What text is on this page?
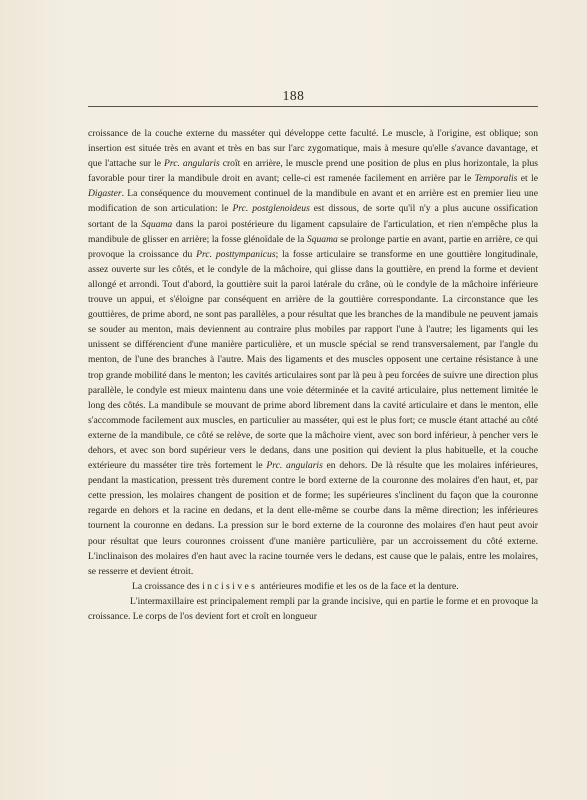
188

croissance de la couche externe du masséter qui développe cette faculté. Le muscle, à l'origine, est oblique; son insertion est située très en avant et très en bas sur l'arc zygomatique, mais à mesure qu'elle s'avance davantage, et que l'attache sur le Prc. angularis croît en arrière, le muscle prend une position de plus en plus horizontale, la plus favorable pour tirer la mandibule droit en avant; celle-ci est ramenée facilement en arrière par le Temporalis et le Digaster. La conséquence du mouvement continuel de la mandibule en avant et en arrière est en premier lieu une modification de son articulation: le Prc. postglenoideus est dissous, de sorte qu'il n'y a plus aucune ossification sortant de la Squama dans la paroi postérieure du ligament capsulaire de l'articulation, et rien n'empêche plus la mandibule de glisser en arrière; la fosse glénoïdale de la Squama se prolonge partie en avant, partie en arrière, ce qui provoque la croissance du Prc. posttympanicus; la fosse articulaire se transforme en une gouttière longitudinale, assez ouverte sur les côtés, et le condyle de la mâchoire, qui glisse dans la gouttière, en prend la forme et devient allongé et arrondi. Tout d'abord, la gouttière suit la paroi latérale du crâne, où le condyle de la mâchoire inférieure trouve un appui, et s'éloigne par conséquent en arrière de la gouttière correspondante. La circonstance que les gouttières, de prime abord, ne sont pas parallèles, a pour résultat que les branches de la mandibule ne peuvent jamais se souder au menton, mais deviennent au contraire plus mobiles par rapport l'une à l'autre; les ligaments qui les unissent se différencient d'une manière particulière, et un muscle spécial se rend transversalement, par l'angle du menton, de l'une des branches à l'autre. Mais des ligaments et des muscles opposent une certaine résistance à une trop grande mobilité dans le menton; les cavités articulaires sont par là peu à peu forcées de suivre une direction plus parallèle, le condyle est mieux maintenu dans une voie déterminée et la cavité articulaire, plus nettement limitée le long des côtés. La mandibule se mouvant de prime abord librement dans la cavité articulaire et dans le menton, elle s'accommode facilement aux muscles, en particulier au masséter, qui est le plus fort; ce muscle étant attaché au côté externe de la mandibule, ce côté se relève, de sorte que la mâchoire vient, avec son bord inférieur, à pencher vers le dehors, et avec son bord supérieur vers le dedans, dans une position qui devient la plus habituelle, et la couche extérieure du masséter tire très fortement le Prc. angularis en dehors. De là résulte que les molaires inférieures, pendant la mastication, pressent très durement contre le bord externe de la couronne des molaires d'en haut, et, par cette pression, les molaires changent de position et de forme; les supérieures s'inclinent du façon que la couronne regarde en dehors et la racine en dedans, et la dent elle-même se courbe dans la même direction; les inférieures tournent la couronne en dedans. La pression sur le bord externe de la couronne des molaires d'en haut peut avoir pour résultat que leurs couronnes croissent d'une manière particulière, par un accroissement du côté externe. L'inclinaison des molaires d'en haut avec la racine tournée vers le dedans, est cause que le palais, entre les molaires, se resserre et devient étroit.

La croissance des incisives antérieures modifie et les os de la face et la denture.

L'intermaxillaire est principalement rempli par la grande incisive, qui en partie le forme et en provoque la croissance. Le corps de l'os devient fort et croît en longueur
